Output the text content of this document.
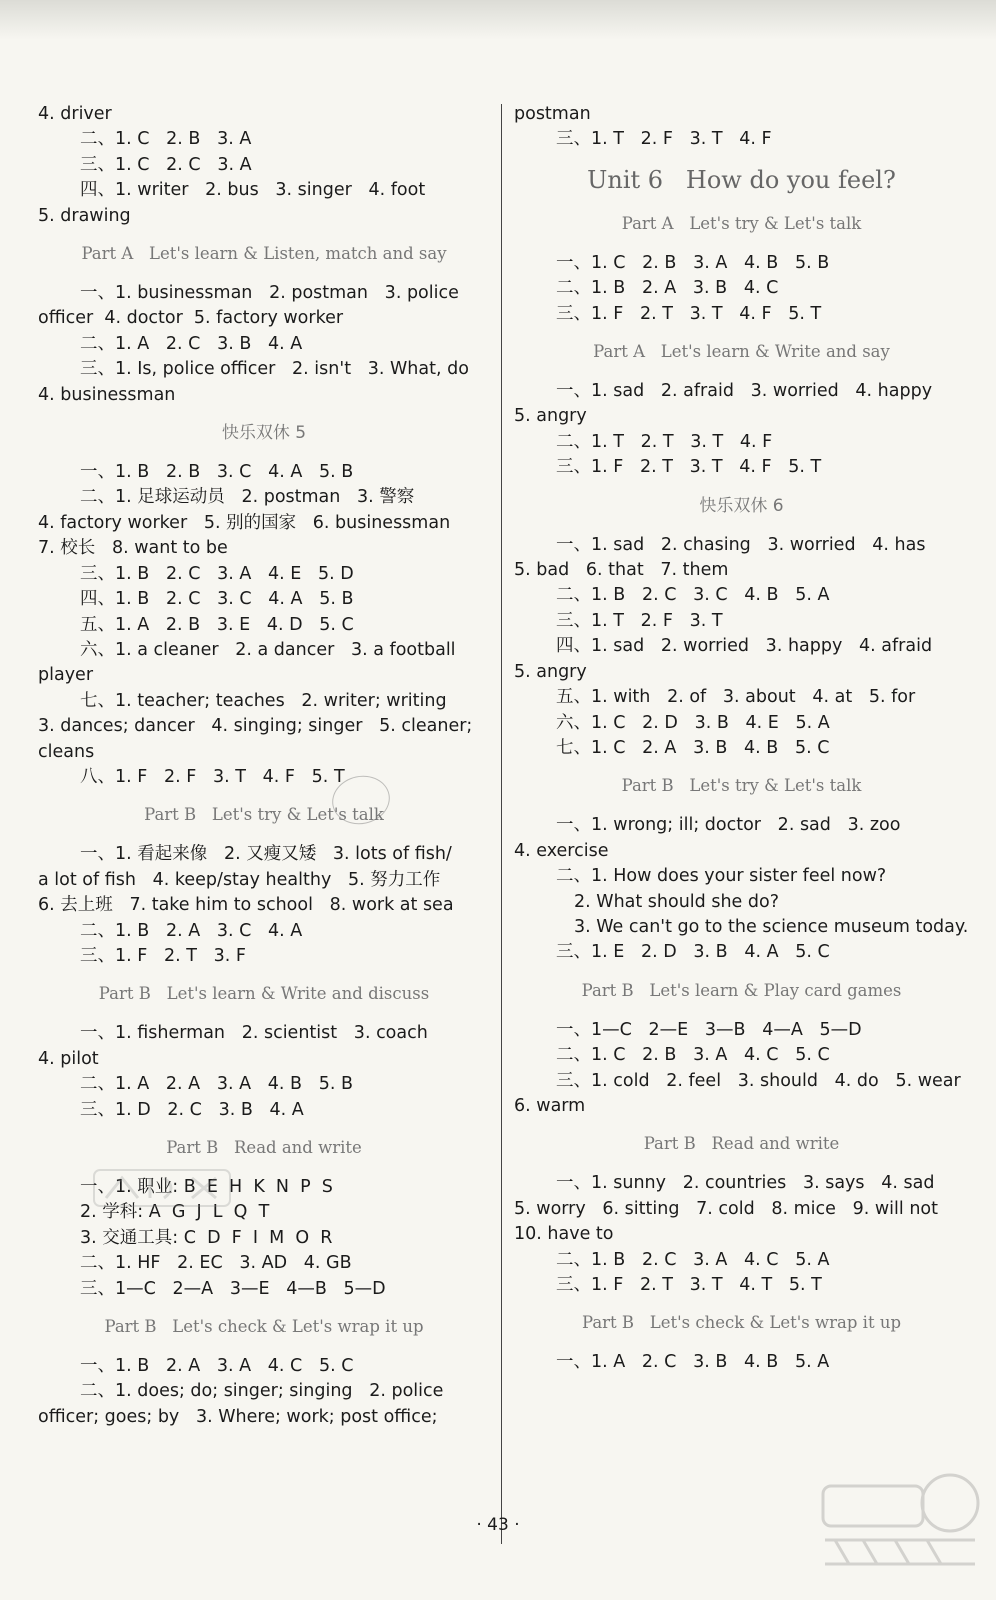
4. driver
二、1. C   2. B   3. A
三、1. C   2. C   3. A
四、1. writer   2. bus   3. singer   4. foot
5. drawing
Part A   Let's learn & Listen, match and say
一、1. businessman   2. postman   3. police
officer  4. doctor  5. factory worker
二、1. A   2. C   3. B   4. A
三、1. Is, police officer   2. isn't   3. What, do
4. businessman
快乐双休 5
一、1. B   2. B   3. C   4. A   5. B
二、1. 足球运动员   2. postman   3. 警察
4. factory worker   5. 别的国家   6. businessman
7. 校长   8. want to be
三、1. B   2. C   3. A   4. E   5. D
四、1. B   2. C   3. C   4. A   5. B
五、1. A   2. B   3. E   4. D   5. C
六、1. a cleaner   2. a dancer   3. a football
player
七、1. teacher; teaches   2. writer; writing
3. dances; dancer   4. singing; singer   5. cleaner;
cleans
八、1. F   2. F   3. T   4. F   5. T
Part B   Let's try & Let's talk
一、1. 看起来像   2. 又瘦又矮   3. lots of fish/
a lot of fish   4. keep/stay healthy   5. 努力工作
6. 去上班   7. take him to school   8. work at sea
二、1. B   2. A   3. C   4. A
三、1. F   2. T   3. F
Part B   Let's learn & Write and discuss
一、1. fisherman   2. scientist   3. coach
4. pilot
二、1. A   2. A   3. A   4. B   5. B
三、1. D   2. C   3. B   4. A
Part B   Read and write
一、1. 职业: B  E  H  K  N  P  S
2. 学科: A  G  J  L  Q  T
3. 交通工具: C  D  F  I  M  O  R
二、1. HF   2. EC   3. AD   4. GB
三、1—C   2—A   3—E   4—B   5—D
Part B   Let's check & Let's wrap it up
一、1. B   2. A   3. A   4. C   5. C
二、1. does; do; singer; singing   2. police
officer; goes; by   3. Where; work; post office;
postman
三、1. T   2. F   3. T   4. F
Unit 6   How do you feel?
Part A   Let's try & Let's talk
一、1. C   2. B   3. A   4. B   5. B
二、1. B   2. A   3. B   4. C
三、1. F   2. T   3. T   4. F   5. T
Part A   Let's learn & Write and say
一、1. sad   2. afraid   3. worried   4. happy
5. angry
二、1. T   2. T   3. T   4. F
三、1. F   2. T   3. T   4. F   5. T
快乐双休 6
一、1. sad   2. chasing   3. worried   4. has
5. bad   6. that   7. them
二、1. B   2. C   3. C   4. B   5. A
三、1. T   2. F   3. T
四、1. sad   2. worried   3. happy   4. afraid
5. angry
五、1. with   2. of   3. about   4. at   5. for
六、1. C   2. D   3. B   4. E   5. A
七、1. C   2. A   3. B   4. B   5. C
Part B   Let's try & Let's talk
一、1. wrong; ill; doctor   2. sad   3. zoo
4. exercise
二、1. How does your sister feel now?
2. What should she do?
3. We can't go to the science museum today.
三、1. E   2. D   3. B   4. A   5. C
Part B   Let's learn & Play card games
一、1—C   2—E   3—B   4—A   5—D
二、1. C   2. B   3. A   4. C   5. C
三、1. cold   2. feel   3. should   4. do   5. wear
6. warm
Part B   Read and write
一、1. sunny   2. countries   3. says   4. sad
5. worry   6. sitting   7. cold   8. mice   9. will not
10. have to
二、1. B   2. C   3. A   4. C   5. A
三、1. F   2. T   3. T   4. T   5. T
Part B   Let's check & Let's wrap it up
一、1. A   2. C   3. B   4. B   5. A
· 43 ·
